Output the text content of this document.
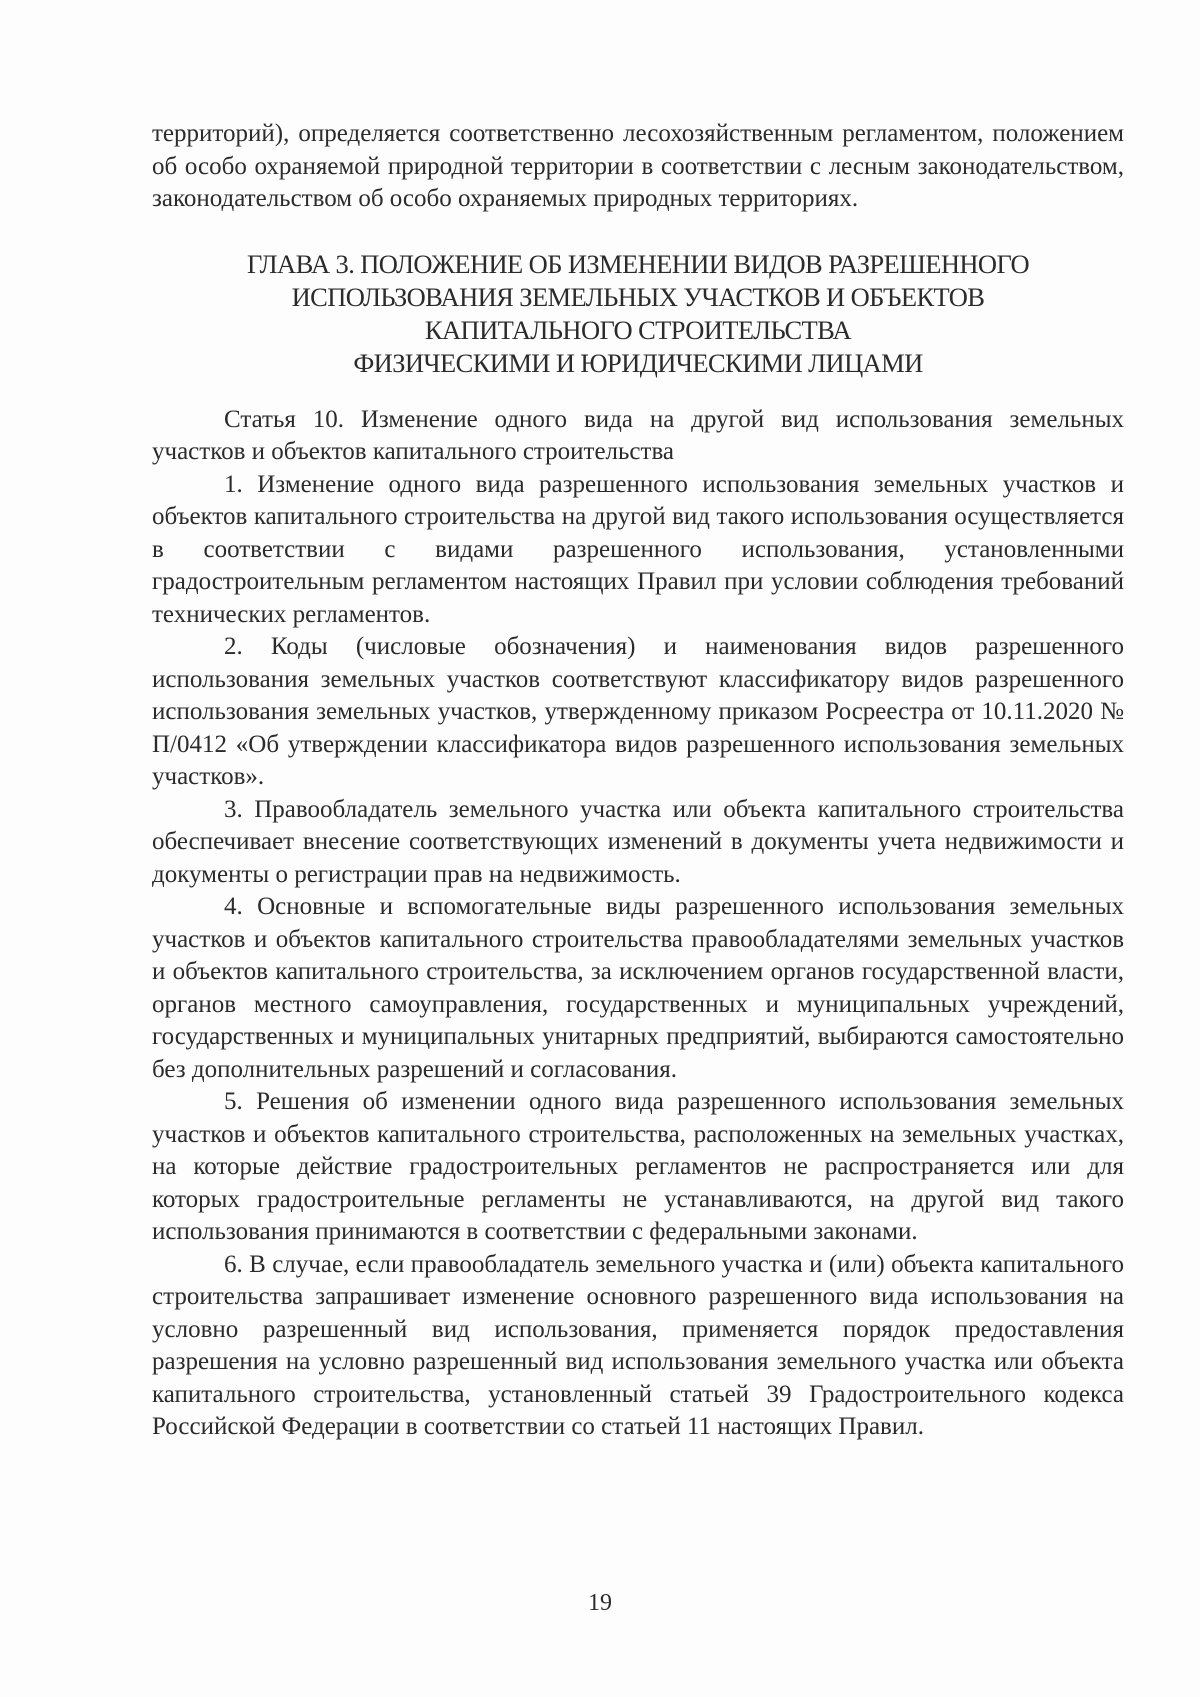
территорий), определяется соответственно лесохозяйственным регламентом, положением об особо охраняемой природной территории в соответствии с лесным законодательством, законодательством об особо охраняемых природных территориях.

ГЛАВА 3. ПОЛОЖЕНИЕ ОБ ИЗМЕНЕНИИ ВИДОВ РАЗРЕШЕННОГО
ИСПОЛЬЗОВАНИЯ ЗЕМЕЛЬНЫХ УЧАСТКОВ И ОБЪЕКТОВ
КАПИТАЛЬНОГО СТРОИТЕЛЬСТВА
ФИЗИЧЕСКИМИ И ЮРИДИЧЕСКИМИ ЛИЦАМИ

Статья 10. Изменение одного вида на другой вид использования земельных участков и объектов капитального строительства

1. Изменение одного вида разрешенного использования земельных участков и объектов капитального строительства на другой вид такого использования осуществляется в соответствии с видами разрешенного использования, установленными градостроительным регламентом настоящих Правил при условии соблюдения требований технических регламентов.

2. Коды (числовые обозначения) и наименования видов разрешенного использования земельных участков соответствуют классификатору видов разрешенного использования земельных участков, утвержденному приказом Росреестра от 10.11.2020 № П/0412 «Об утверждении классификатора видов разрешенного использования земельных участков».

3. Правообладатель земельного участка или объекта капитального строительства обеспечивает внесение соответствующих изменений в документы учета недвижимости и документы о регистрации прав на недвижимость.

4. Основные и вспомогательные виды разрешенного использования земельных участков и объектов капитального строительства правообладателями земельных участков и объектов капитального строительства, за исключением органов государственной власти, органов местного самоуправления, государственных и муниципальных учреждений, государственных и муниципальных унитарных предприятий, выбираются самостоятельно без дополнительных разрешений и согласования.

5. Решения об изменении одного вида разрешенного использования земельных участков и объектов капитального строительства, расположенных на земельных участках, на которые действие градостроительных регламентов не распространяется или для которых градостроительные регламенты не устанавливаются, на другой вид такого использования принимаются в соответствии с федеральными законами.

6. В случае, если правообладатель земельного участка и (или) объекта капитального строительства запрашивает изменение основного разрешенного вида использования на условно разрешенный вид использования, применяется порядок предоставления разрешения на условно разрешенный вид использования земельного участка или объекта капитального строительства, установленный статьей 39 Градостроительного кодекса Российской Федерации в соответствии со статьей 11 настоящих Правил.

19
